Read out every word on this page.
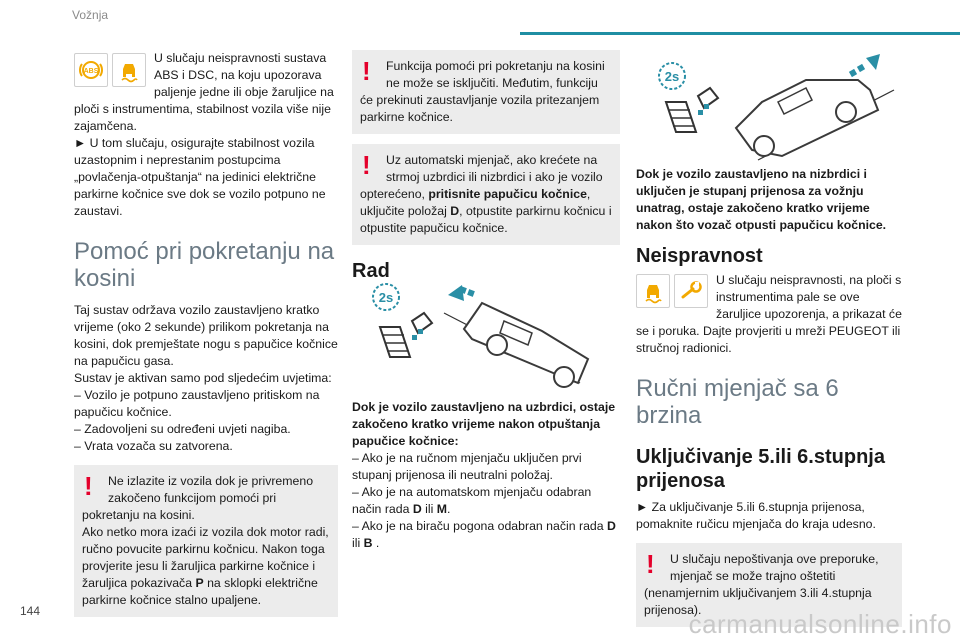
Vožnja
ABS

U slučaju neispravnosti sustava ABS i DSC, na koju upozorava paljenje jedne ili obje žaruljice na ploči s instrumentima, stabilnost vozila više nije zajamčena.

► U tom slučaju, osigurajte stabilnost vozila uzastopnim i neprestanim postupcima „povlačenja-otpuštanja“ na jedinici električne parkirne kočnice sve dok se vozilo potpuno ne zaustavi.

Pomoć pri pokretanju na kosini

Taj sustav održava vozilo zaustavljeno kratko vrijeme (oko 2 sekunde) prilikom pokretanja na kosini, dok premještate nogu s papučice kočnice na papučicu gasa.

Sustav je aktivan samo pod sljedećim uvjetima:

– Vozilo je potpuno zaustavljeno pritiskom na papučicu kočnice.

– Zadovoljeni su određeni uvjeti nagiba.

– Vrata vozača su zatvorena.

!	Ne izlazite iz vozila dok je privremeno zakočeno funkcijom pomoći pri pokretanju na kosini.

Ako netko mora izaći iz vozila dok motor radi, ručno povucite parkirnu kočnicu. Nakon toga provjerite jesu li žaruljica parkirne kočnice i žaruljica pokazivača P na sklopki električne parkirne kočnice stalno upaljene.

!	Funkcija pomoći pri pokretanju na kosini ne može se isključiti. Međutim, funkciju će prekinuti zaustavljanje vozila pritezanjem parkirne kočnice.

!	Uz automatski mjenjač, ako krećete na strmoj uzbrdici ili nizbrdici i ako je vozilo opterećeno, pritisnite papučicu kočnice, uključite položaj D, otpustite parkirnu kočnicu i otpustite papučicu kočnice.

Rad
2s

Dok je vozilo zaustavljeno na uzbrdici, ostaje zakočeno kratko vrijeme nakon otpuštanja papučice kočnice:

– Ako je na ručnom mjenjaču uključen prvi stupanj prijenosa ili neutralni položaj.

– Ako je na automatskom mjenjaču odabran način rada D ili M.

– Ako je na biraču pogona odabran način rada D ili B .

2s

Dok je vozilo zaustavljeno na nizbrdici i uključen je stupanj prijenosa za vožnju unatrag, ostaje zakočeno kratko vrijeme nakon što vozač otpusti papučicu kočnice.

Neispravnost

U slučaju neispravnosti, na ploči s instrumentima pale se ove žaruljice upozorenja, a prikazat će se i poruka. Dajte provjeriti u mreži PEUGEOT ili stručnoj radionici.

Ručni mjenjač sa 6 brzina
Uključivanje 5.ili 6.stupnja prijenosa

► Za uključivanje 5.ili 6.stupnja prijenosa, pomaknite ručicu mjenjača do kraja udesno.

!	U slučaju nepoštivanja ove preporuke, mjenjač se može trajno oštetiti (nenamjernim uključivanjem 3.ili 4.stupnja prijenosa).

144	carmanualsonline.info
